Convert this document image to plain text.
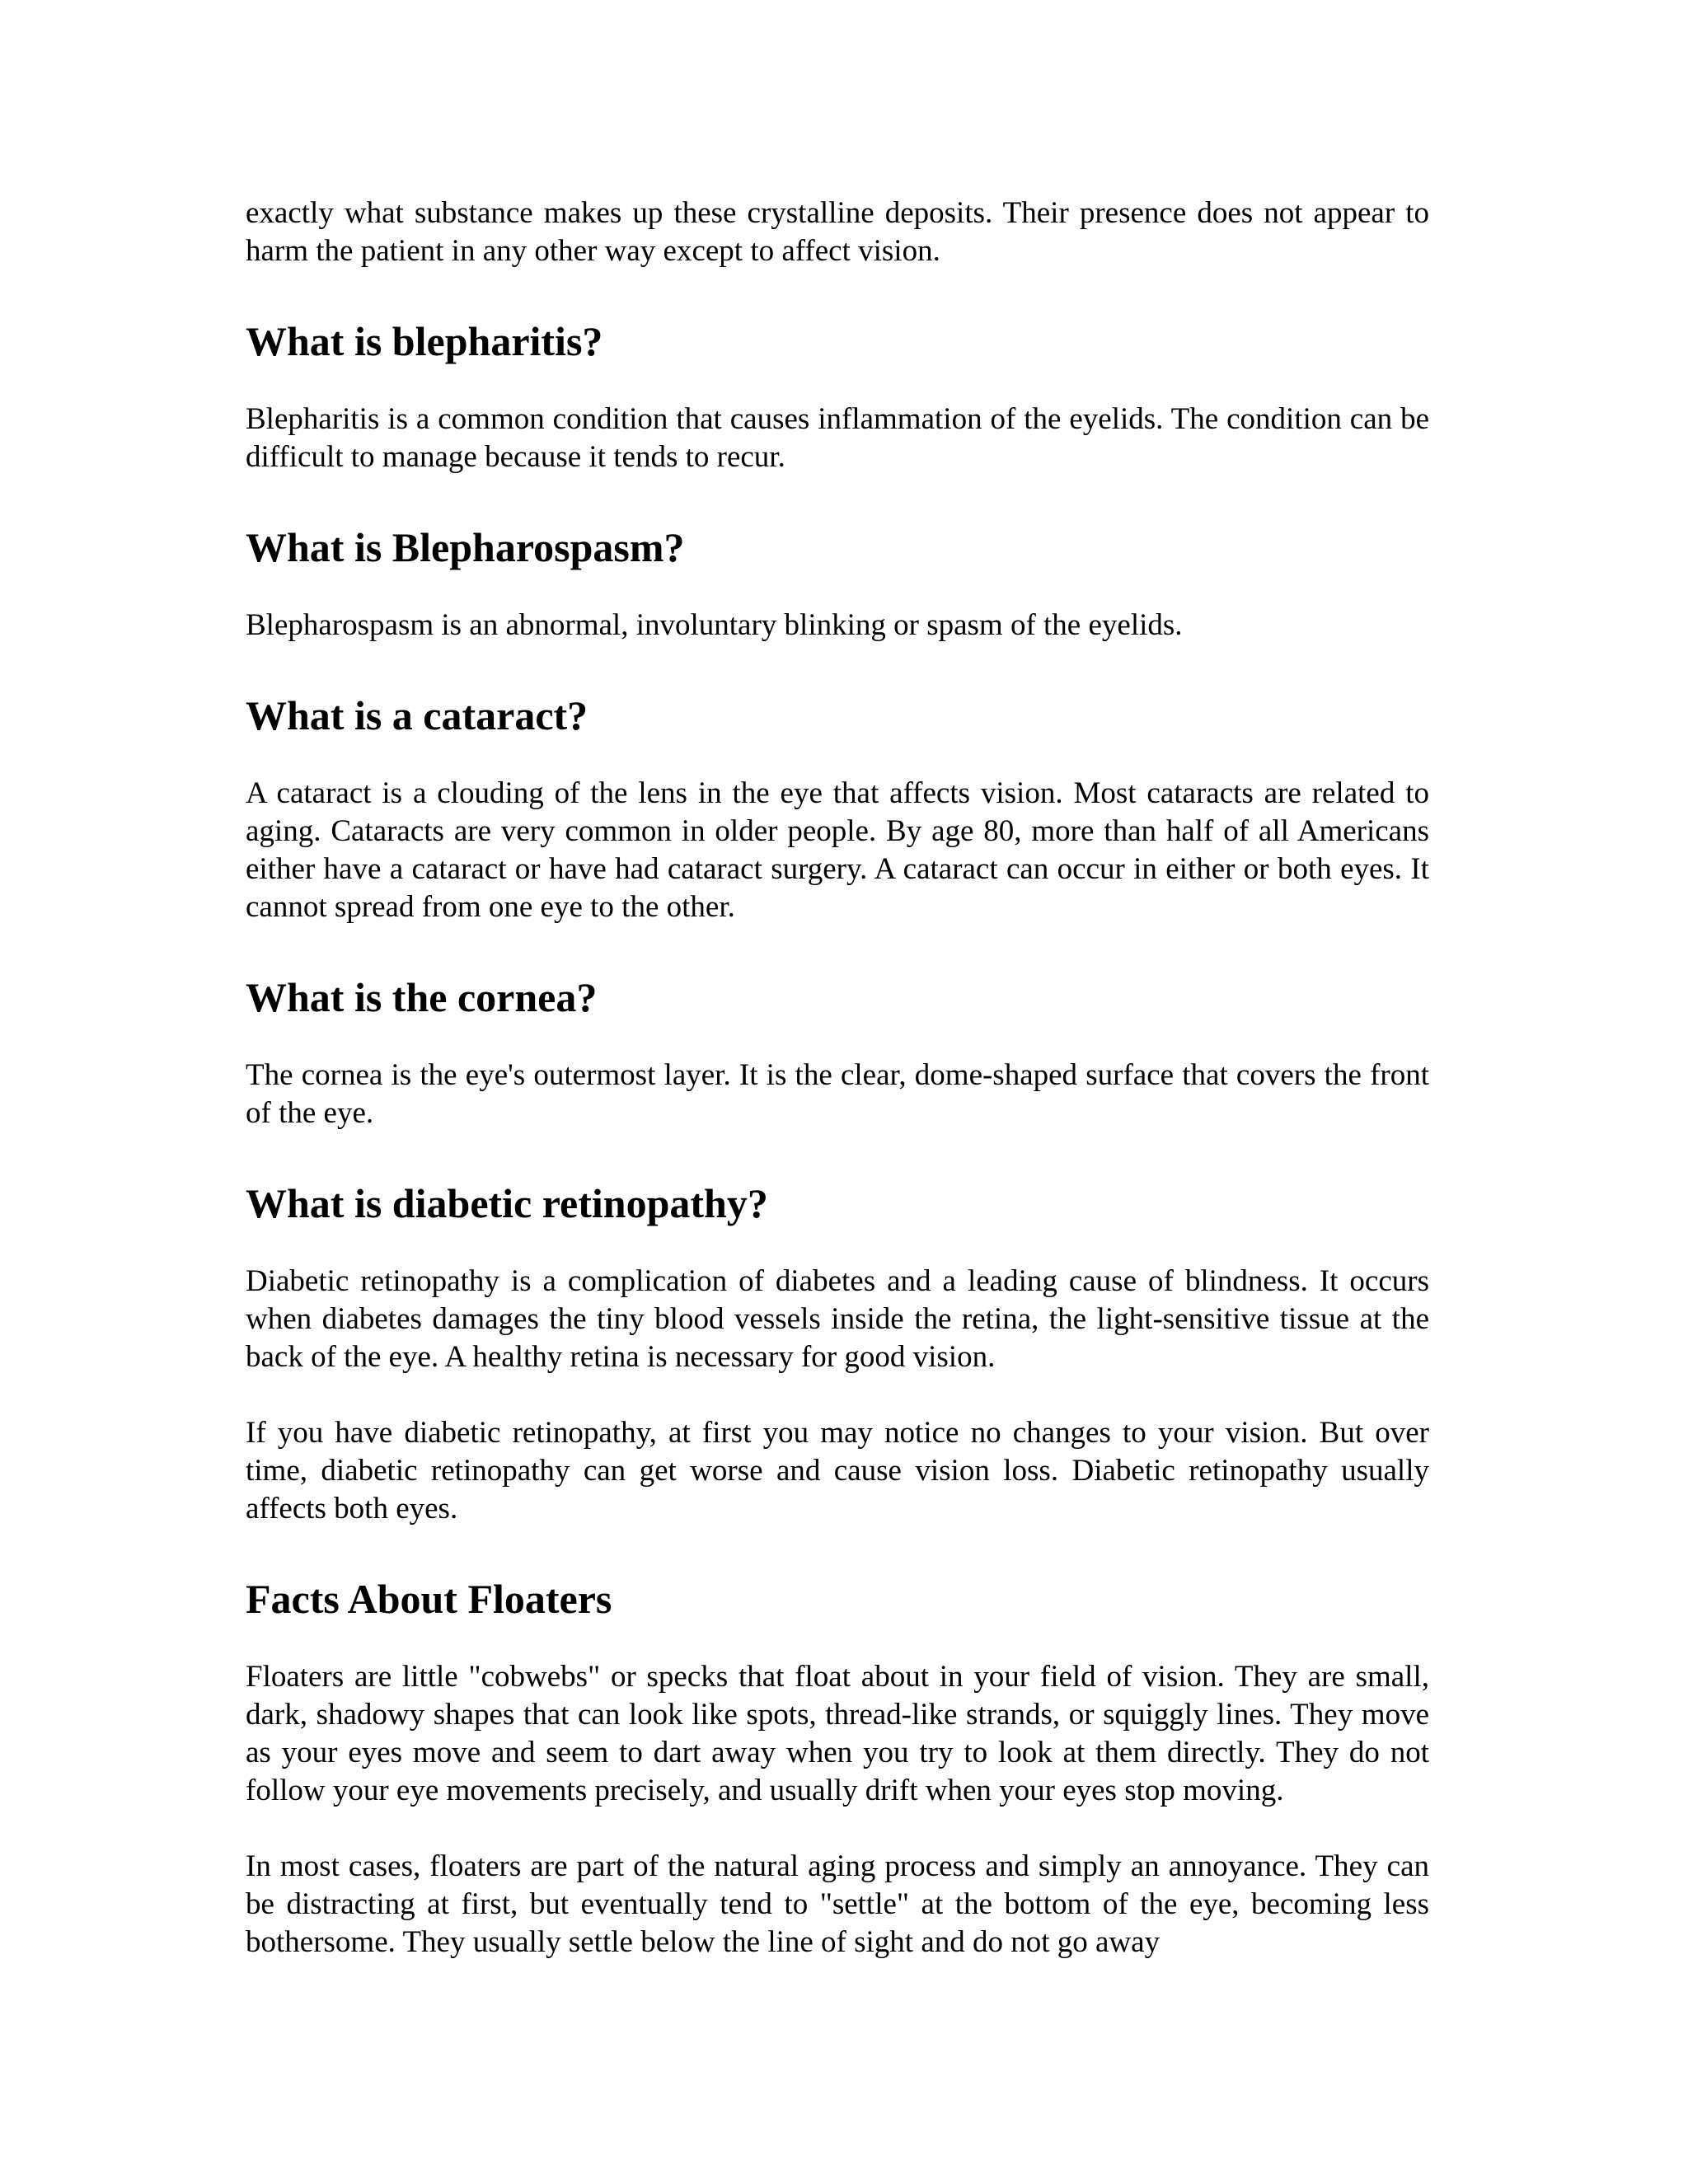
exactly what substance makes up these crystalline deposits. Their presence does not appear to harm the patient in any other way except to affect vision.

What is blepharitis?

Blepharitis is a common condition that causes inflammation of the eyelids. The condition can be difficult to manage because it tends to recur.

What is Blepharospasm?

Blepharospasm is an abnormal, involuntary blinking or spasm of the eyelids.

What is a cataract?

A cataract is a clouding of the lens in the eye that affects vision. Most cataracts are related to aging. Cataracts are very common in older people. By age 80, more than half of all Americans either have a cataract or have had cataract surgery. A cataract can occur in either or both eyes. It cannot spread from one eye to the other.

What is the cornea?

The cornea is the eye's outermost layer. It is the clear, dome-shaped surface that covers the front of the eye.

What is diabetic retinopathy?

Diabetic retinopathy is a complication of diabetes and a leading cause of blindness. It occurs when diabetes damages the tiny blood vessels inside the retina, the light-sensitive tissue at the back of the eye. A healthy retina is necessary for good vision.

If you have diabetic retinopathy, at first you may notice no changes to your vision. But over time, diabetic retinopathy can get worse and cause vision loss. Diabetic retinopathy usually affects both eyes.

Facts About Floaters

Floaters are little "cobwebs" or specks that float about in your field of vision. They are small, dark, shadowy shapes that can look like spots, thread-like strands, or squiggly lines. They move as your eyes move and seem to dart away when you try to look at them directly. They do not follow your eye movements precisely, and usually drift when your eyes stop moving.

In most cases, floaters are part of the natural aging process and simply an annoyance. They can be distracting at first, but eventually tend to "settle" at the bottom of the eye, becoming less bothersome. They usually settle below the line of sight and do not go away
